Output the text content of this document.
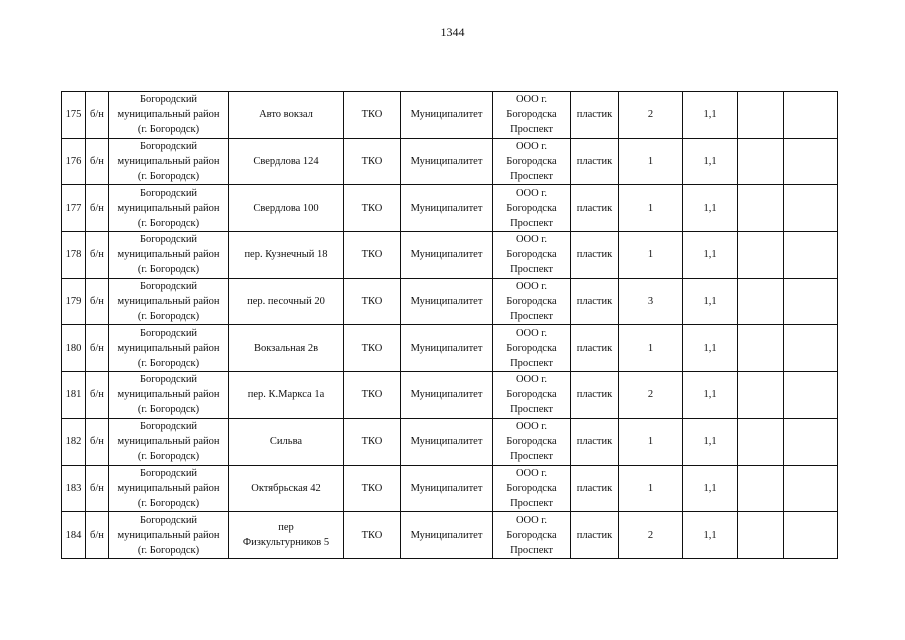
1344
175	б/н	Богородский
муниципальный район
(г. Богородск)	Авто вокзал	ТКО	Муниципалитет	ООО г.
Богородска
Проспект	пластик	2	1,1		
176	б/н	Богородский
муниципальный район
(г. Богородск)	Свердлова 124	ТКО	Муниципалитет	ООО г.
Богородска
Проспект	пластик	1	1,1		
177	б/н	Богородский
муниципальный район
(г. Богородск)	Свердлова 100	ТКО	Муниципалитет	ООО г.
Богородска
Проспект	пластик	1	1,1		
178	б/н	Богородский
муниципальный район
(г. Богородск)	пер. Кузнечный 18	ТКО	Муниципалитет	ООО г.
Богородска
Проспект	пластик	1	1,1		
179	б/н	Богородский
муниципальный район
(г. Богородск)	пер. песочный 20	ТКО	Муниципалитет	ООО г.
Богородска
Проспект	пластик	3	1,1		
180	б/н	Богородский
муниципальный район
(г. Богородск)	Вокзальная 2в	ТКО	Муниципалитет	ООО г.
Богородска
Проспект	пластик	1	1,1		
181	б/н	Богородский
муниципальный район
(г. Богородск)	пер. К.Маркса 1а	ТКО	Муниципалитет	ООО г.
Богородска
Проспект	пластик	2	1,1		
182	б/н	Богородский
муниципальный район
(г. Богородск)	Сильва	ТКО	Муниципалитет	ООО г.
Богородска
Проспект	пластик	1	1,1		
183	б/н	Богородский
муниципальный район
(г. Богородск)	Октябрьская 42	ТКО	Муниципалитет	ООО г.
Богородска
Проспект	пластик	1	1,1		
184	б/н	Богородский
муниципальный район
(г. Богородск)	пер
Физкультурников 5	ТКО	Муниципалитет	ООО г.
Богородска
Проспект	пластик	2	1,1		
